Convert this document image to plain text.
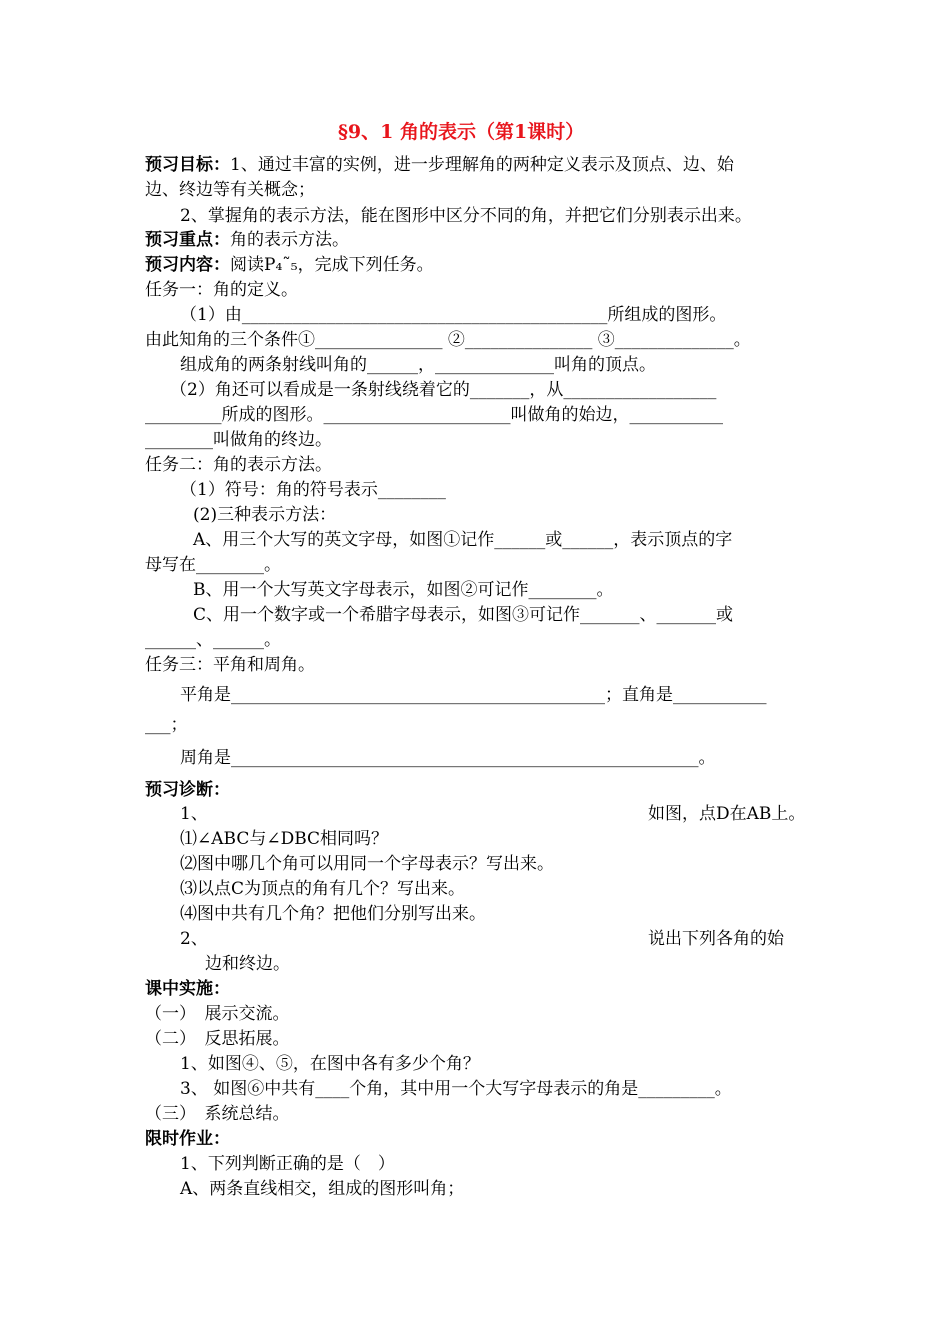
§9、1 角的表示（第1课时）
预习目标：1、通过丰富的实例，进一步理解角的两种定义表示及顶点、边、始
边、终边等有关概念；
2、掌握角的表示方法，能在图形中区分不同的角，并把它们分别表示出来。
预习重点：角的表示方法。
预习内容：阅读P₄˜₅，完成下列任务。
任务一：角的定义。
（1）由___________________________________________所组成的图形。
由此知角的三个条件①_______________ ②_______________ ③______________。
组成角的两条射线叫角的______，______________叫角的顶点。
（2）角还可以看成是一条射线绕着它的_______，从__________________
_________所成的图形。______________________叫做角的始边，___________
________叫做角的终边。
任务二：角的表示方法。
（1）符号：角的符号表示________
(2)三种表示方法：
A、用三个大写的英文字母，如图①记作______或______，表示顶点的字
母写在________。
B、用一个大写英文字母表示，如图②可记作________。
C、用一个数字或一个希腊字母表示，如图③可记作_______、_______或
______、______。
任务三：平角和周角。
平角是____________________________________________；直角是___________
___；
周角是_______________________________________________________。
预习诊断：
1、	如图，点D在AB上。
⑴∠ABC与∠DBC相同吗？
⑵图中哪几个角可以用同一个字母表示？写出来。
⑶以点C为顶点的角有几个？写出来。
⑷图中共有几个角？把他们分别写出来。
2、	说出下列各角的始
边和终边。
课中实施：
（一）　展示交流。
（二）　反思拓展。
1、如图④、⑤，在图中各有多少个角？
3、 如图⑥中共有____个角，其中用一个大写字母表示的角是_________。
（三）　系统总结。
限时作业：
1、下列判断正确的是（　）
A、两条直线相交，组成的图形叫角；
